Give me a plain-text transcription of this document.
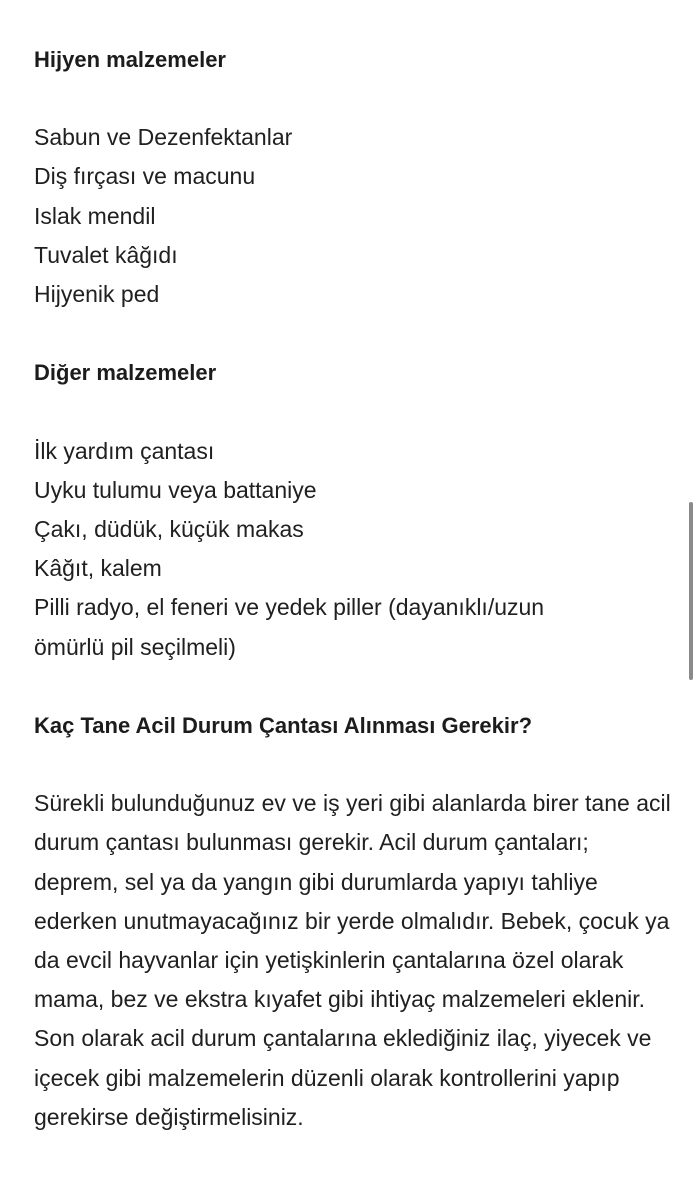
Hijyen malzemeler
Sabun ve Dezenfektanlar
Diş fırçası ve macunu
Islak mendil
Tuvalet kâğıdı
Hijyenik ped
Diğer malzemeler
İlk yardım çantası
Uyku tulumu veya battaniye
Çakı, düdük, küçük makas
Kâğıt, kalem
Pilli radyo, el feneri ve yedek piller (dayanıklı/uzun
ömürlü pil seçilmeli)
Kaç Tane Acil Durum Çantası Alınması Gerekir?

Sürekli bulunduğunuz ev ve iş yeri gibi alanlarda birer tane acil durum çantası bulunması gerekir. Acil durum çantaları; deprem, sel ya da yangın gibi durumlarda yapıyı tahliye ederken unutmayacağınız bir yerde olmalıdır. Bebek, çocuk ya da evcil hayvanlar için yetişkinlerin çantalarına özel olarak mama, bez ve ekstra kıyafet gibi ihtiyaç malzemeleri eklenir. Son olarak acil durum çantalarına eklediğiniz ilaç, yiyecek ve içecek gibi malzemelerin düzenli olarak kontrollerini yapıp gerekirse değiştirmelisiniz.
